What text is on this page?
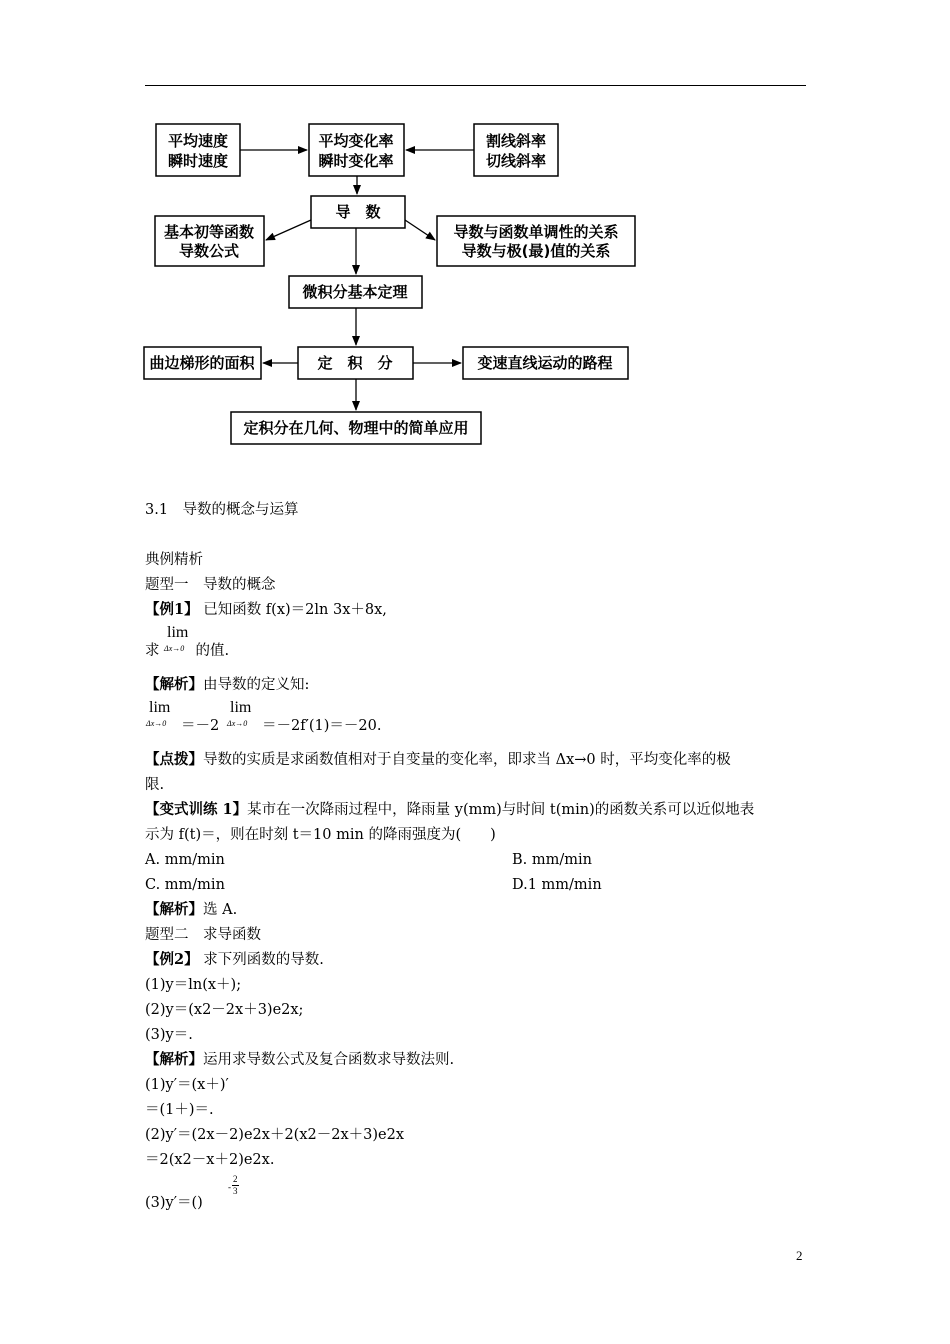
平均速度
瞬时速度
平均变化率
瞬时变化率
割线斜率
切线斜率
导　数
基本初等函数
导数公式
导数与函数单调性的关系
导数与极(最)值的关系
微积分基本定理
曲边梯形的面积	定　积　分	变速直线运动的路程
定积分在几何、物理中的简单应用
3.1　导数的概念与运算
典例精析
题型一　导数的概念
【例1】 已知函数 f(x)＝2ln 3x＋8x,
lim
Δx→0
求 的值.
【解析】由导数的定义知:
lim
Δx→0 ＝－2
lim
Δx→0 ＝－2f′(1)＝－20.
【点拨】导数的实质是求函数值相对于自变量的变化率，即求当 Δx→0 时，平均变化率的极
限.
【变式训练 1】某市在一次降雨过程中，降雨量 y(mm)与时间 t(min)的函数关系可以近似地表
示为 f(t)＝，则在时刻 t＝10 min 的降雨强度为(　　)
A. mm/min	B. mm/min
C. mm/min	D.1 mm/min
【解析】选 A.
题型二　求导函数
【例2】 求下列函数的导数.
(1)y＝ln(x＋);
(2)y＝(x2－2x＋3)e2x;
(3)y＝.
【解析】运用求导数公式及复合函数求导数法则.
(1)y′＝(x＋)′
＝(1＋)＝.
(2)y′＝(2x－2)e2x＋2(x2－2x＋3)e2x
＝2(x2－x＋2)e2x.
(3)y′＝()
-
2
3
2
